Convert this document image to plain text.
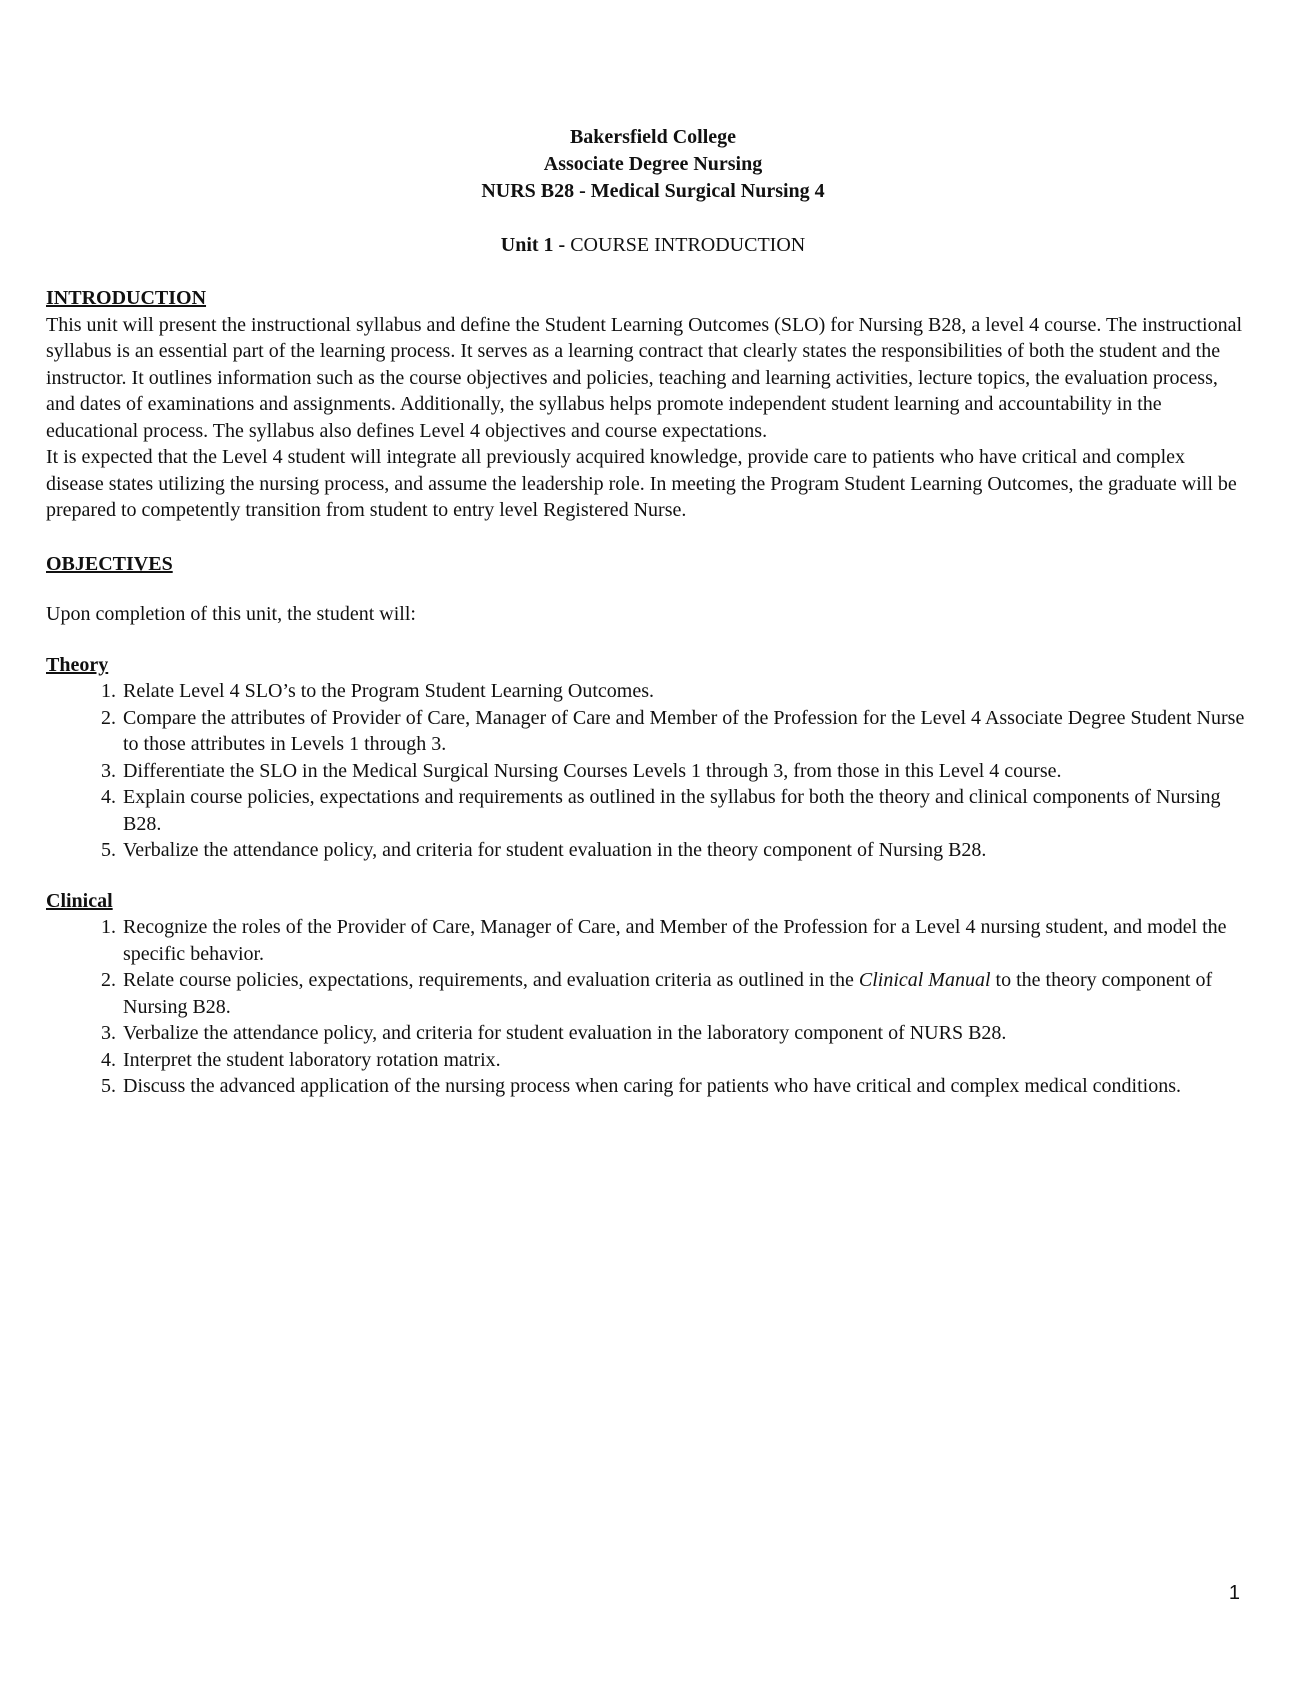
Bakersfield College
Associate Degree Nursing
NURS B28 - Medical Surgical Nursing 4
Unit 1 - COURSE INTRODUCTION

INTRODUCTION

This unit will present the instructional syllabus and define the Student Learning Outcomes (SLO) for Nursing B28, a level 4 course. The instructional syllabus is an essential part of the learning process. It serves as a learning contract that clearly states the responsibilities of both the student and the instructor. It outlines information such as the course objectives and policies, teaching and learning activities, lecture topics, the evaluation process, and dates of examinations and assignments. Additionally, the syllabus helps promote independent student learning and accountability in the educational process. The syllabus also defines Level 4 objectives and course expectations.

It is expected that the Level 4 student will integrate all previously acquired knowledge, provide care to patients who have critical and complex disease states utilizing the nursing process, and assume the leadership role. In meeting the Program Student Learning Outcomes, the graduate will be prepared to competently transition from student to entry level Registered Nurse.

OBJECTIVES

Upon completion of this unit, the student will:

Theory

1. Relate Level 4 SLO’s to the Program Student Learning Outcomes.
2. Compare the attributes of Provider of Care, Manager of Care and Member of the Profession for the Level 4 Associate Degree Student Nurse to those attributes in Levels 1 through 3.
3. Differentiate the SLO in the Medical Surgical Nursing Courses Levels 1 through 3, from those in this Level 4 course.
4. Explain course policies, expectations and requirements as outlined in the syllabus for both the theory and clinical components of Nursing B28.
5. Verbalize the attendance policy, and criteria for student evaluation in the theory component of Nursing B28.

Clinical

1. Recognize the roles of the Provider of Care, Manager of Care, and Member of the Profession for a Level 4 nursing student, and model the specific behavior.
2. Relate course policies, expectations, requirements, and evaluation criteria as outlined in the Clinical Manual to the theory component of Nursing B28.
3. Verbalize the attendance policy, and criteria for student evaluation in the laboratory component of NURS B28.
4. Interpret the student laboratory rotation matrix.
5. Discuss the advanced application of the nursing process when caring for patients who have critical and complex medical conditions.
1
